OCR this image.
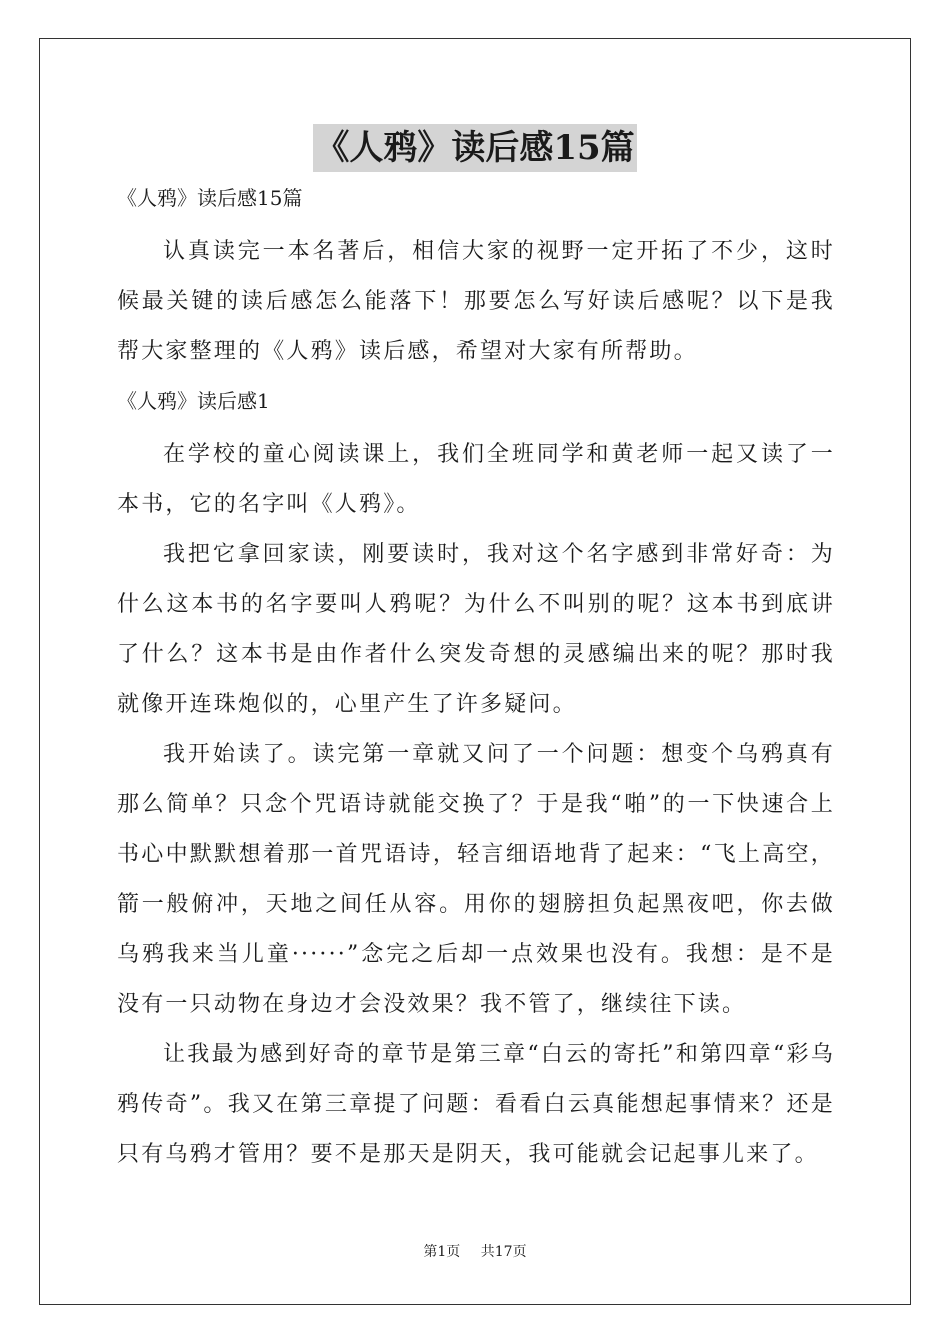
《人鸦》读后感15篇

《人鸦》读后感15篇

认真读完一本名著后，相信大家的视野一定开拓了不少，这时候最关键的读后感怎么能落下！那要怎么写好读后感呢？以下是我帮大家整理的《人鸦》读后感，希望对大家有所帮助。

《人鸦》读后感1

在学校的童心阅读课上，我们全班同学和黄老师一起又读了一本书，它的名字叫《人鸦》。

我把它拿回家读，刚要读时，我对这个名字感到非常好奇：为什么这本书的名字要叫人鸦呢？为什么不叫别的呢？这本书到底讲了什么？这本书是由作者什么突发奇想的灵感编出来的呢？那时我就像开连珠炮似的，心里产生了许多疑问。

我开始读了。读完第一章就又问了一个问题：想变个乌鸦真有那么简单？只念个咒语诗就能交换了？于是我“啪”的一下快速合上书心中默默想着那一首咒语诗，轻言细语地背了起来：“飞上高空，箭一般俯冲，天地之间任从容。用你的翅膀担负起黑夜吧，你去做乌鸦我来当儿童······”念完之后却一点效果也没有。我想：是不是没有一只动物在身边才会没效果？我不管了，继续往下读。

让我最为感到好奇的章节是第三章“白云的寄托”和第四章“彩乌鸦传奇”。我又在第三章提了问题：看看白云真能想起事情来？还是只有乌鸦才管用？要不是那天是阴天，我可能就会记起事儿来了。

第1页 共17页
